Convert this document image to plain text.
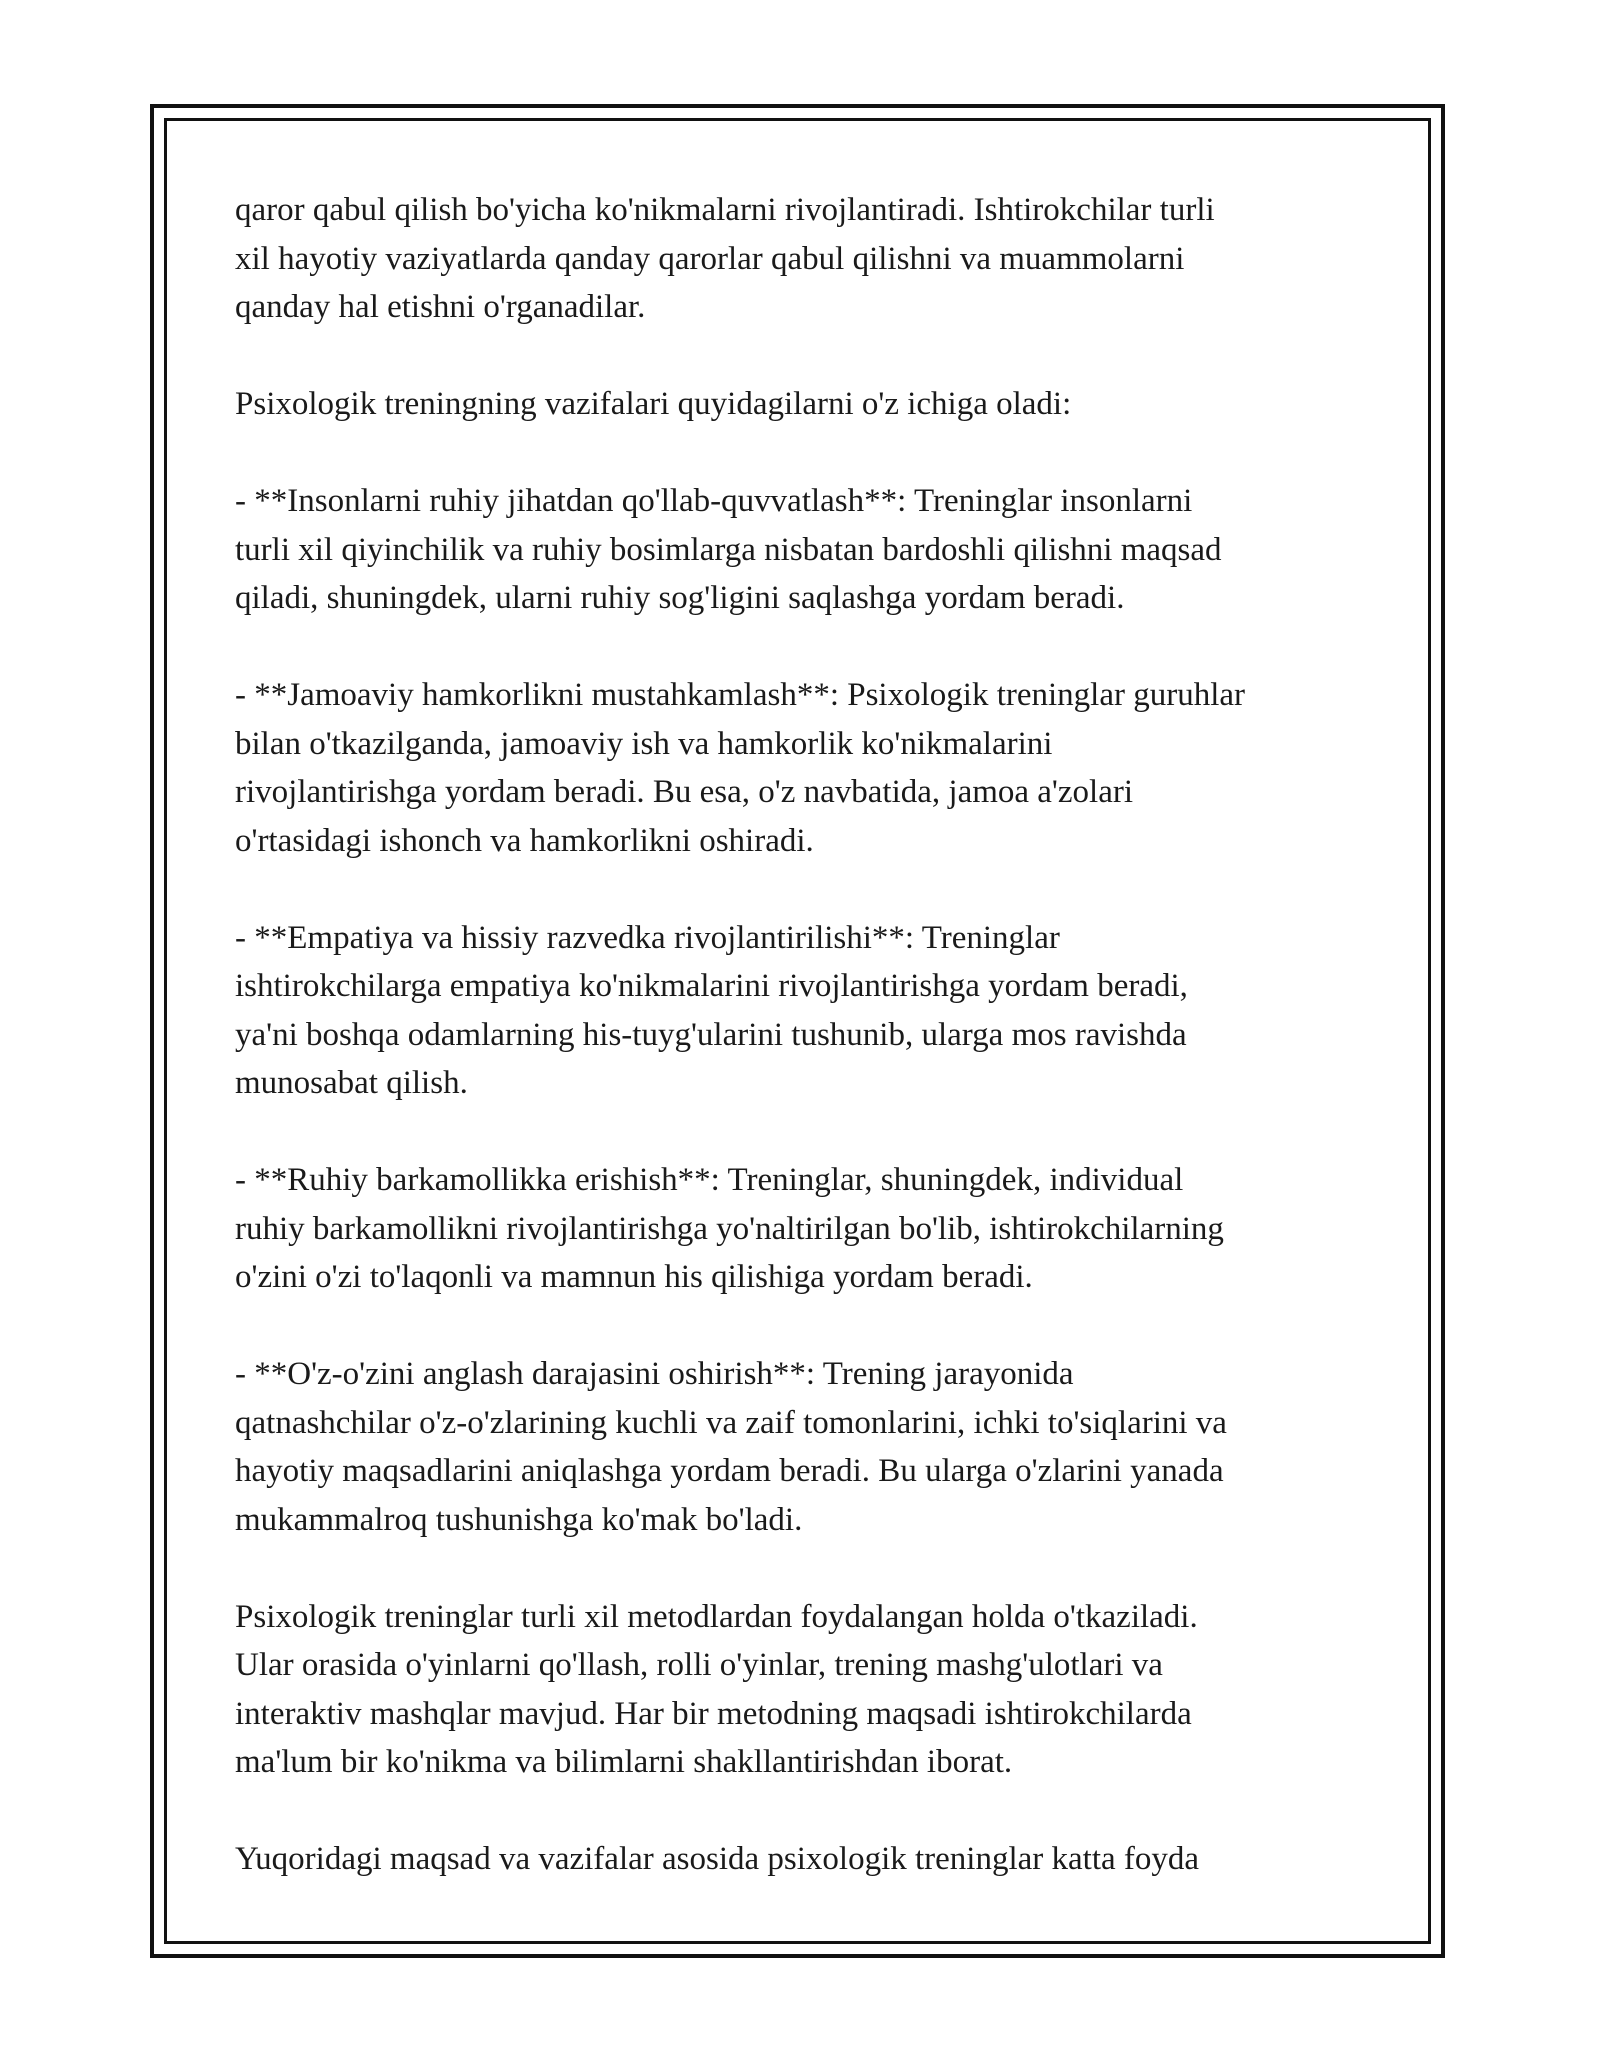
qaror qabul qilish bo'yicha ko'nikmalarni rivojlantiradi. Ishtirokchilar turli
xil hayotiy vaziyatlarda qanday qarorlar qabul qilishni va muammolarni
qanday hal etishni o'rganadilar.

Psixologik treningning vazifalari quyidagilarni o'z ichiga oladi:

- **Insonlarni ruhiy jihatdan qo'llab-quvvatlash**: Treninglar insonlarni
turli xil qiyinchilik va ruhiy bosimlarga nisbatan bardoshli qilishni maqsad
qiladi, shuningdek, ularni ruhiy sog'ligini saqlashga yordam beradi.

- **Jamoaviy hamkorlikni mustahkamlash**: Psixologik treninglar guruhlar
bilan o'tkazilganda, jamoaviy ish va hamkorlik ko'nikmalarini
rivojlantirishga yordam beradi. Bu esa, o'z navbatida, jamoa a'zolari
o'rtasidagi ishonch va hamkorlikni oshiradi.

- **Empatiya va hissiy razvedka rivojlantirilishi**: Treninglar
ishtirokchilarga empatiya ko'nikmalarini rivojlantirishga yordam beradi,
ya'ni boshqa odamlarning his-tuyg'ularini tushunib, ularga mos ravishda
munosabat qilish.

- **Ruhiy barkamollikka erishish**: Treninglar, shuningdek, individual
ruhiy barkamollikni rivojlantirishga yo'naltirilgan bo'lib, ishtirokchilarning
o'zini o'zi to'laqonli va mamnun his qilishiga yordam beradi.

- **O'z-o'zini anglash darajasini oshirish**: Trening jarayonida
qatnashchilar o'z-o'zlarining kuchli va zaif tomonlarini, ichki to'siqlarini va
hayotiy maqsadlarini aniqlashga yordam beradi. Bu ularga o'zlarini yanada
mukammalroq tushunishga ko'mak bo'ladi.

Psixologik treninglar turli xil metodlardan foydalangan holda o'tkaziladi.
Ular orasida o'yinlarni qo'llash, rolli o'yinlar, trening mashg'ulotlari va
interaktiv mashqlar mavjud. Har bir metodning maqsadi ishtirokchilarda
ma'lum bir ko'nikma va bilimlarni shakllantirishdan iborat.

Yuqoridagi maqsad va vazifalar asosida psixologik treninglar katta foyda
